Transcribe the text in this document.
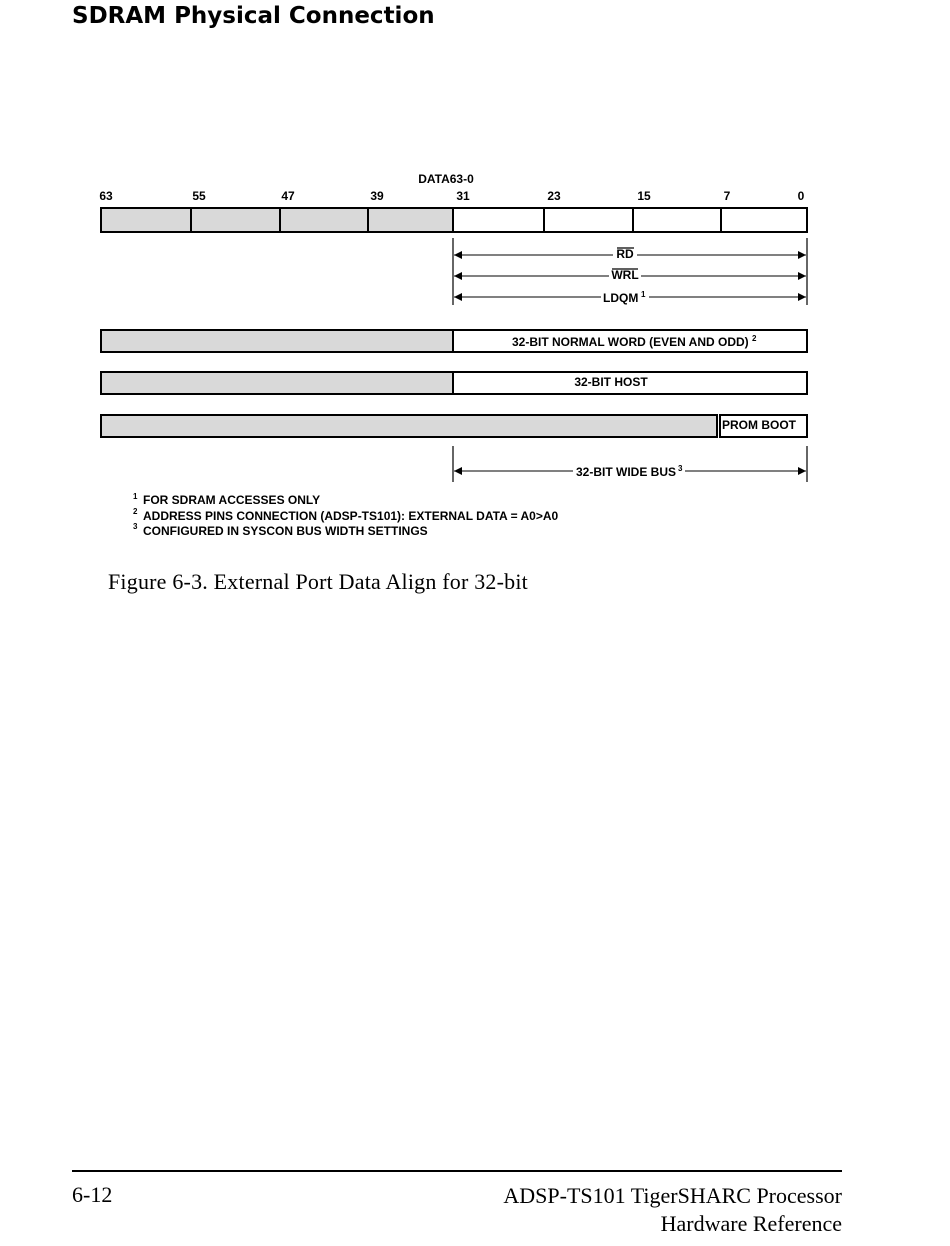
SDRAM Physical Connection
DATA63-0
63	55	47	39	31	23	15	7	0
RD
WRL
LDQM 1
32-BIT NORMAL WORD (EVEN AND ODD) 2
32-BIT HOST
PROM BOOT
32-BIT WIDE BUS 3
1 FOR SDRAM ACCESSES ONLY
2 ADDRESS PINS CONNECTION (ADSP-TS101): EXTERNAL DATA = A0>A0
3 CONFIGURED IN SYSCON BUS WIDTH SETTINGS

Figure 6-3. External Port Data Align for 32-bit

6-12	ADSP-TS101 TigerSHARC Processor
Hardware Reference
